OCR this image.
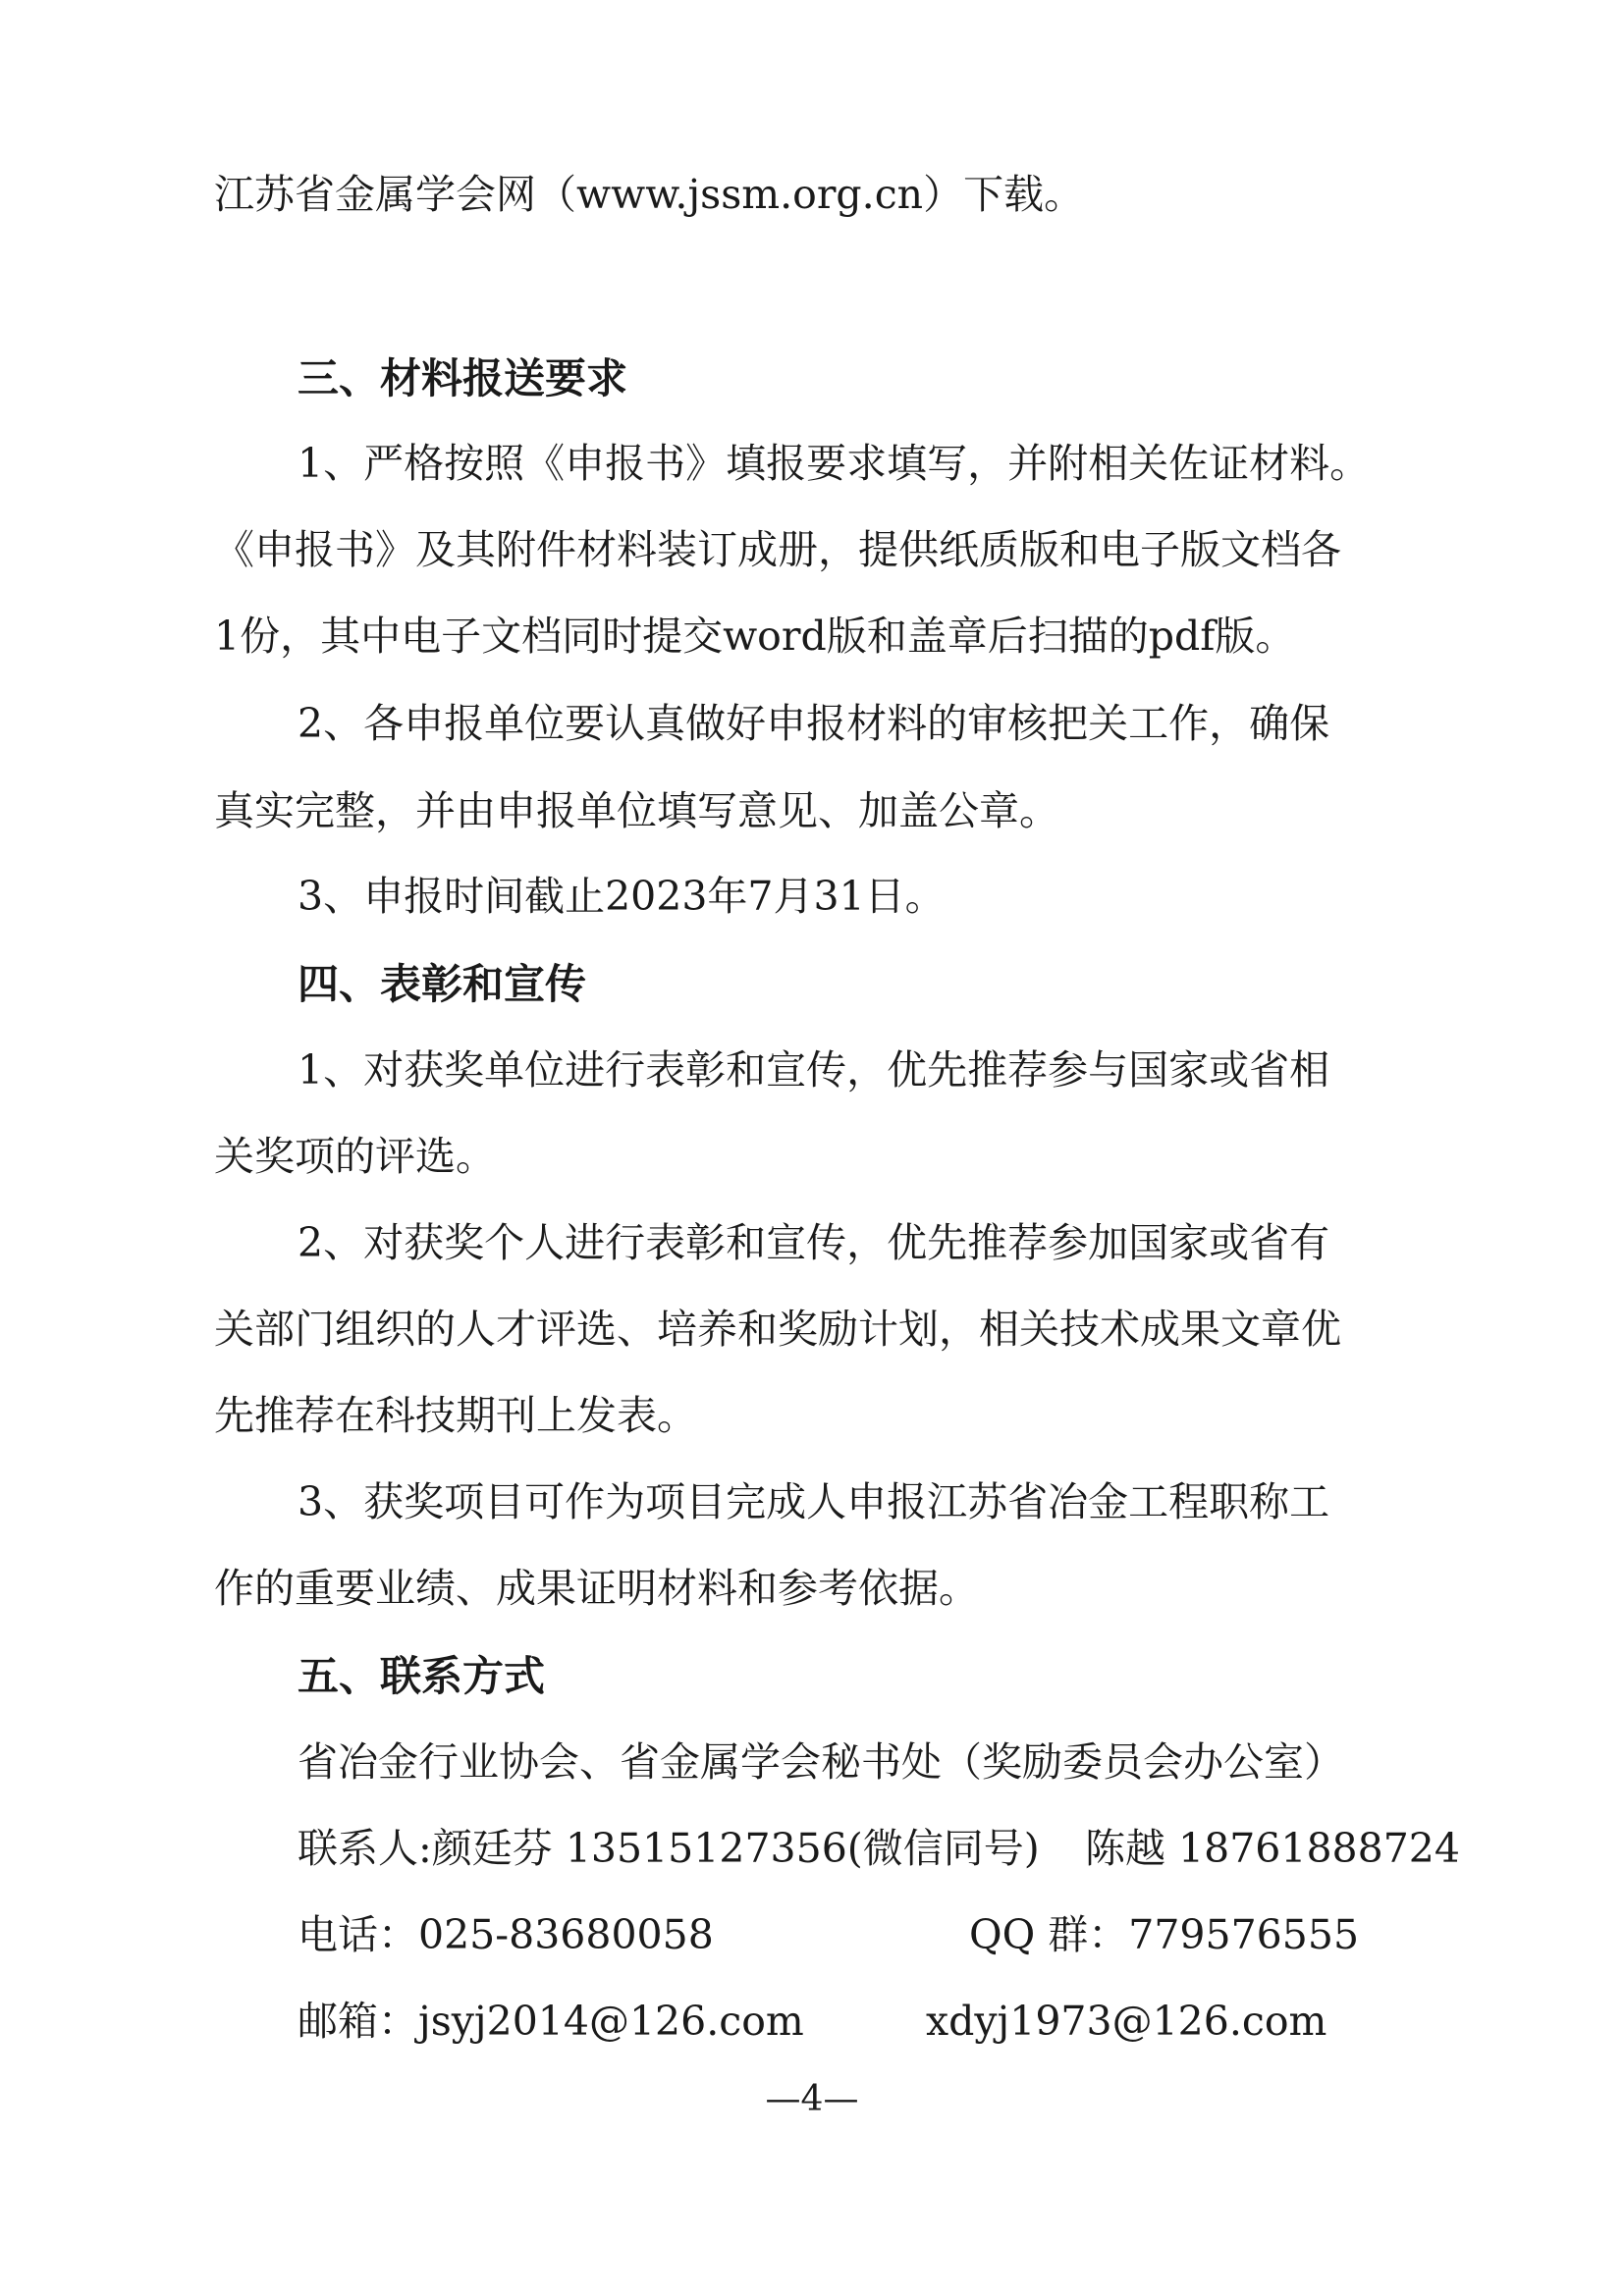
江苏省金属学会网（www.jssm.org.cn）下载。
三、材料报送要求
1、严格按照《申报书》填报要求填写，并附相关佐证材料。
《申报书》及其附件材料装订成册，提供纸质版和电子版文档各
1份，其中电子文档同时提交word版和盖章后扫描的pdf版。
2、各申报单位要认真做好申报材料的审核把关工作，确保
真实完整，并由申报单位填写意见、加盖公章。
3、申报时间截止2023年7月31日。
四、表彰和宣传
1、对获奖单位进行表彰和宣传，优先推荐参与国家或省相
关奖项的评选。
2、对获奖个人进行表彰和宣传，优先推荐参加国家或省有
关部门组织的人才评选、培养和奖励计划，相关技术成果文章优
先推荐在科技期刊上发表。
3、获奖项目可作为项目完成人申报江苏省冶金工程职称工
作的重要业绩、成果证明材料和参考依据。
五、联系方式
省冶金行业协会、省金属学会秘书处（奖励委员会办公室）
联系人:颜廷芬 13515127356(微信同号) 陈越 18761888724
电话：025-83680058	QQ 群：779576555
邮箱：jsyj2014@126.com	xdyj1973@126.com
—4—
